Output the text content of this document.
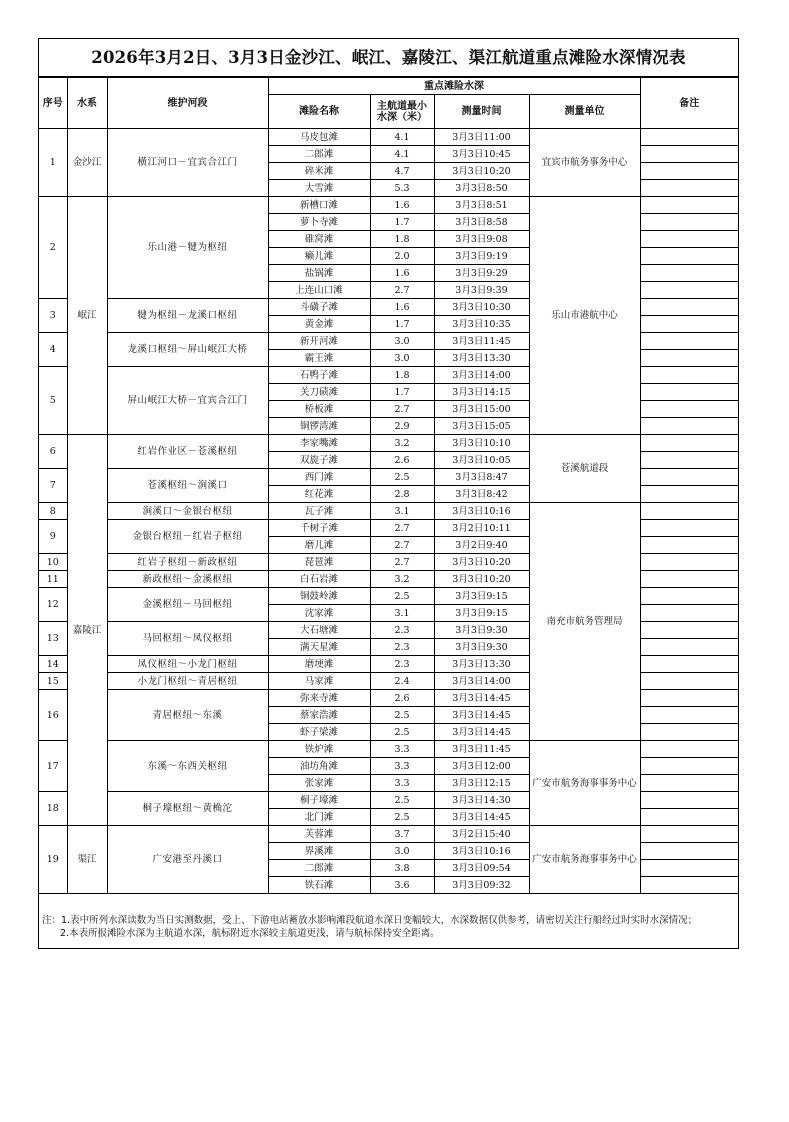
2026年3月2日、3月3日金沙江、岷江、嘉陵江、渠江航道重点滩险水深情况表
序号	水系	维护河段	重点滩险水深				备注
			滩险名称	主航道最小水深（米）	测量时间	测量单位	
1	金沙江	横江河口－宜宾合江门	马皮包滩	4.1	3月3日11:00	宜宾市航务事务中心	
			二郎滩	4.1	3月3日10:45		
			碎米滩	4.7	3月3日10:20		
			大雪滩	5.3	3月3日8:50		
2	岷江	乐山港－犍为枢纽	新槽口滩	1.6	3月3日8:51	乐山市港航中心	
			萝卜寺滩	1.7	3月3日8:58		
			碓窝滩	1.8	3月3日9:08		
			癞儿滩	2.0	3月3日9:19		
			盐锅滩	1.6	3月3日9:29		
			上连山口滩	2.7	3月3日9:39		
3		犍为枢纽－龙溪口枢纽	斗磺子滩	1.6	3月3日10:30		
			黄金滩	1.7	3月3日10:35		
4		龙溪口枢纽～屏山岷江大桥	新开河滩	3.0	3月3日11:45		
			霸王滩	3.0	3月3日13:30		
5		屏山岷江大桥－宜宾合江门	石鸭子滩	1.8	3月3日14:00		
			关刀碛滩	1.7	3月3日14:15		
			桥板滩	2.7	3月3日15:00		
			铜锣湾滩	2.9	3月3日15:05		
6	嘉陵江	红岩作业区－苍溪枢纽	李家嘴滩	3.2	3月3日10:10	苍溪航道段	
			双旋子滩	2.6	3月3日10:05		
7		苍溪枢纽～涧溪口	西门滩	2.5	3月3日8:47		
			红花滩	2.8	3月3日8:42		
8		涧溪口～金银台枢纽	瓦子滩	3.1	3月3日10:16	南充市航务管理局	
9		金银台枢纽－红岩子枢纽	千树子滩	2.7	3月2日10:11		
			磨儿滩	2.7	3月2日9:40		
10		红岩子枢纽－新政枢纽	琵琶滩	2.7	3月3日10:20		
11		新政枢纽～金溪枢纽	白石岩滩	3.2	3月3日10:20		
12		金溪枢纽－马回枢纽	铜鼓岭滩	2.5	3月3日9:15		
			沈家滩	3.1	3月3日9:15		
13		马回枢纽～凤仪枢纽	大石塘滩	2.3	3月3日9:30		
			满天星滩	2.3	3月3日9:30		
14		凤仪枢纽～小龙门枢纽	磨埂滩	2.3	3月3日13:30		
15		小龙门枢纽～青居枢纽	马家滩	2.4	3月3日14:00		
16		青居枢纽～东溪	弥来寺滩	2.6	3月3日14:45		
			蔡家浩滩	2.5	3月3日14:45		
			虾子梁滩	2.5	3月3日14:45		
17		东溪～东西关枢纽	铁炉滩	3.3	3月3日11:45	广安市航务海事事务中心	
			油坊角滩	3.3	3月3日12:00		
			张家滩	3.3	3月3日12:15		
18		桐子壕枢纽～黄桷沱	桐子壕滩	2.5	3月3日14:30		
			北门滩	2.5	3月3日14:45		
19	渠江	广安港至丹溪口	芙蓉滩	3.7	3月2日15:40	广安市航务海事事务中心	
			界溪滩	3.0	3月3日10:16		
			二郎滩	3.8	3月3日09:54		
			铁石滩	3.6	3月3日09:32		
注：1.表中所列水深读数为当日实测数据，受上、下游电站蓄放水影响滩段航道水深日变幅较大，水深数据仅供参考，请密切关注行船经过时实时水深情况；
2.本表所报滩险水深为主航道水深，航标附近水深较主航道更浅，请与航标保持安全距离。
